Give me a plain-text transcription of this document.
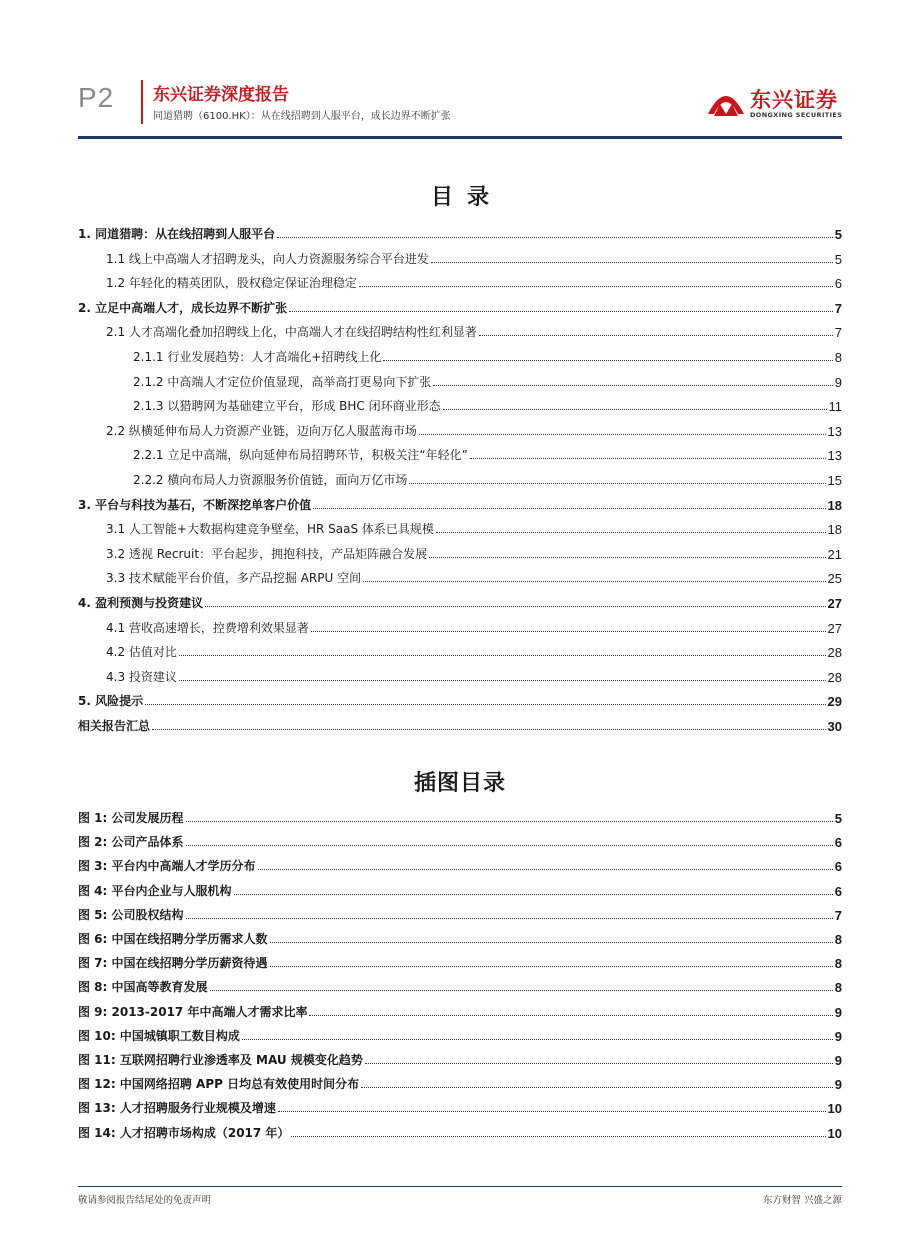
P2 东兴证券深度报告
同道猎聘（6100.HK）：从在线招聘到人服平台，成长边界不断扩张
东兴证券
DONGXING SECURITIES
目录
1. 同道猎聘：从在线招聘到人服平台	5
1.1 线上中高端人才招聘龙头，向人力资源服务综合平台进发	5
1.2 年轻化的精英团队，股权稳定保证治理稳定	6
2. 立足中高端人才，成长边界不断扩张	7
2.1 人才高端化叠加招聘线上化，中高端人才在线招聘结构性红利显著	7
2.1.1 行业发展趋势：人才高端化+招聘线上化	8
2.1.2 中高端人才定位价值显现，高举高打更易向下扩张	9
2.1.3 以猎聘网为基础建立平台，形成 BHC 闭环商业形态	11
2.2 纵横延伸布局人力资源产业链，迈向万亿人服蓝海市场	13
2.2.1 立足中高端，纵向延伸布局招聘环节，积极关注“年轻化”	13
2.2.2 横向布局人力资源服务价值链，面向万亿市场	15
3. 平台与科技为基石，不断深挖单客户价值	18
3.1 人工智能+大数据构建竞争壁垒，HR SaaS 体系已具规模	18
3.2 透视 Recruit：平台起步，拥抱科技，产品矩阵融合发展	21
3.3 技术赋能平台价值，多产品挖掘 ARPU 空间	25
4. 盈利预测与投资建议	27
4.1 营收高速增长，控费增利效果显著	27
4.2 估值对比	28
4.3 投资建议	28
5. 风险提示	29
相关报告汇总	30
插图目录
图 1: 公司发展历程	5
图 2: 公司产品体系	6
图 3: 平台内中高端人才学历分布	6
图 4: 平台内企业与人服机构	6
图 5: 公司股权结构	7
图 6: 中国在线招聘分学历需求人数	8
图 7: 中国在线招聘分学历薪资待遇	8
图 8: 中国高等教育发展	8
图 9: 2013-2017 年中高端人才需求比率	9
图 10: 中国城镇职工数目构成	9
图 11: 互联网招聘行业渗透率及 MAU 规模变化趋势	9
图 12: 中国网络招聘 APP 日均总有效使用时间分布	9
图 13: 人才招聘服务行业规模及增速	10
图 14: 人才招聘市场构成（2017 年）	10
敬请参阅报告结尾处的免责声明	东方财智 兴盛之源
